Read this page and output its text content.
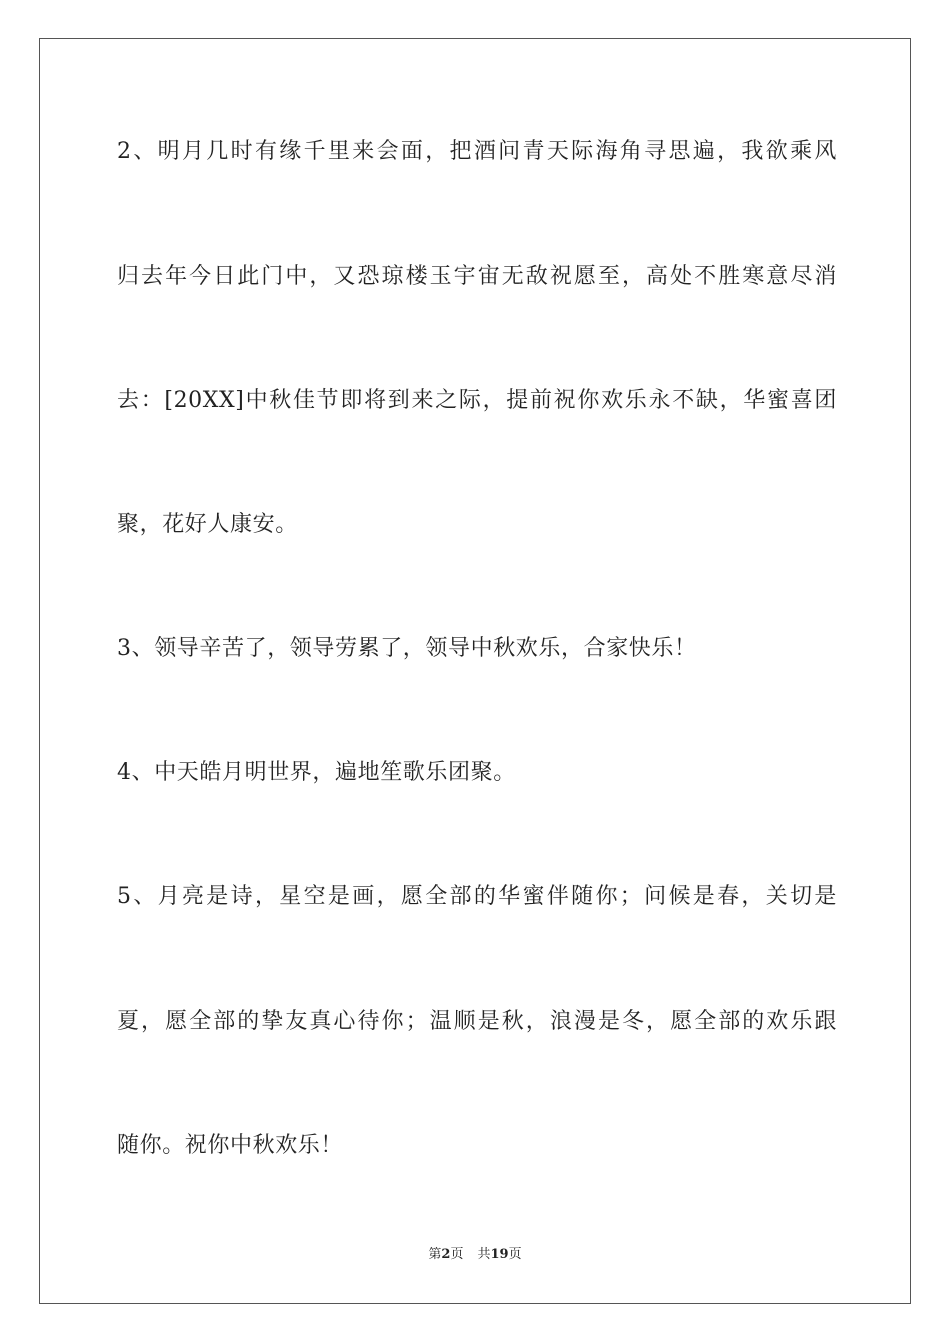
2、明月几时有缘千里来会面，把酒问青天际海角寻思遍，我欲乘风
归去年今日此门中，又恐琼楼玉宇宙无敌祝愿至，高处不胜寒意尽消
去：[20XX]中秋佳节即将到来之际，提前祝你欢乐永不缺，华蜜喜团
聚，花好人康安。
3、领导辛苦了，领导劳累了，领导中秋欢乐，合家快乐！
4、中天皓月明世界，遍地笙歌乐团聚。
5、月亮是诗，星空是画，愿全部的华蜜伴随你；问候是春，关切是
夏，愿全部的挚友真心待你；温顺是秋，浪漫是冬，愿全部的欢乐跟
随你。祝你中秋欢乐！
第2页 共19页
